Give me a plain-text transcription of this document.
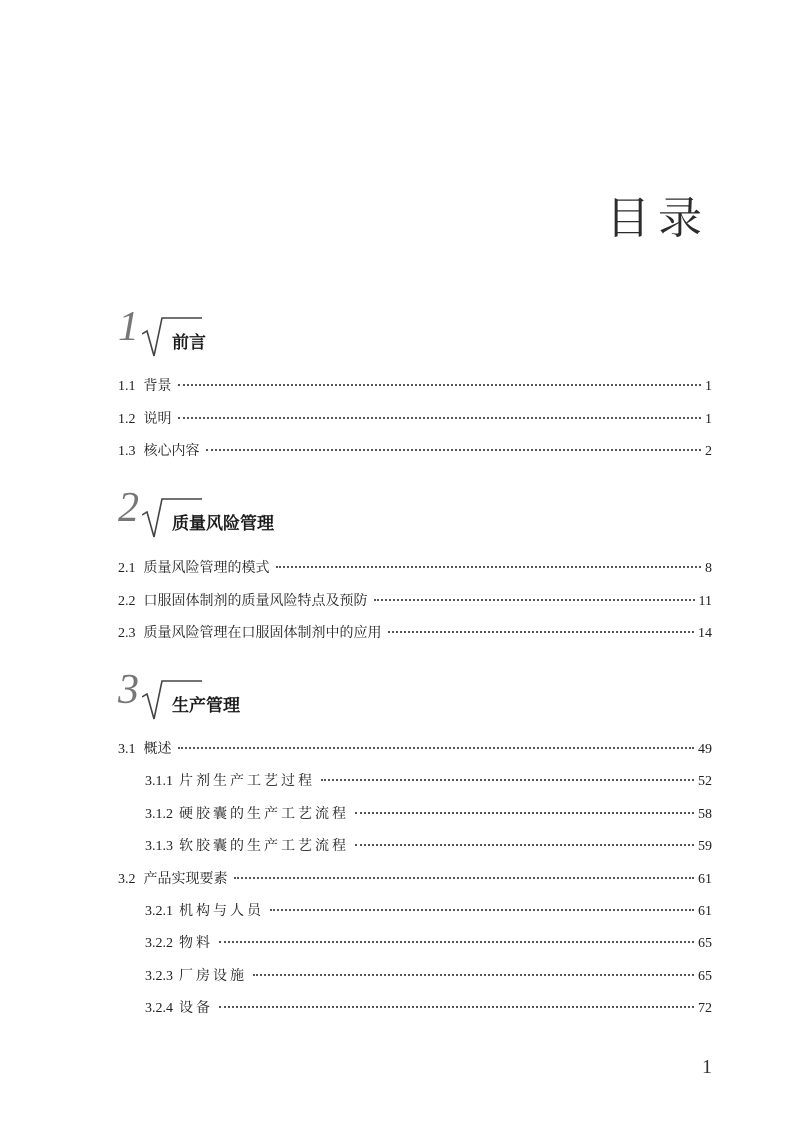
目录
1 前言
1.1 背景	1
1.2 说明	1
1.3 核心内容	2
2 质量风险管理
2.1 质量风险管理的模式	8
2.2 口服固体制剂的质量风险特点及预防	11
2.3 质量风险管理在口服固体制剂中的应用	14
3 生产管理
3.1 概述	49
3.1.1 片剂生产工艺过程	52
3.1.2 硬胶囊的生产工艺流程	58
3.1.3 软胶囊的生产工艺流程	59
3.2 产品实现要素	61
3.2.1 机构与人员	61
3.2.2 物料	65
3.2.3 厂房设施	65
3.2.4 设备	72
1
